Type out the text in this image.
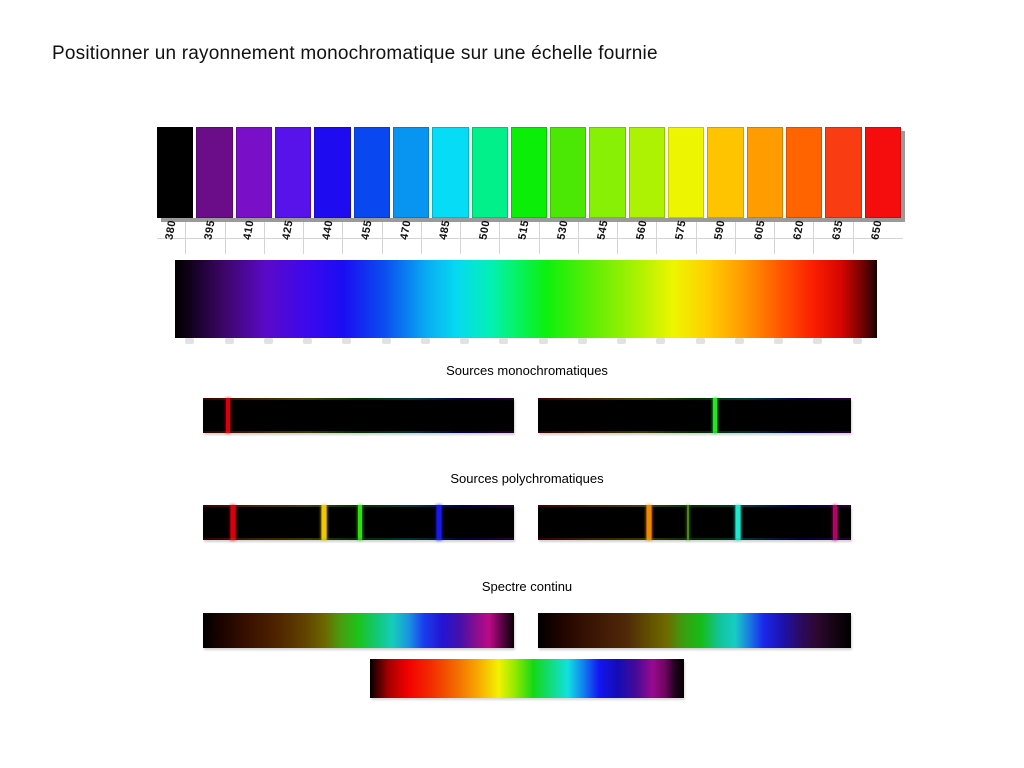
Positionner un rayonnement monochromatique sur une échelle fournie
380 395 410 425 440 455 470 485 500 515 530 545 560 575 590 605 620 635 650
Sources monochromatiques
Sources polychromatiques
Spectre continu
